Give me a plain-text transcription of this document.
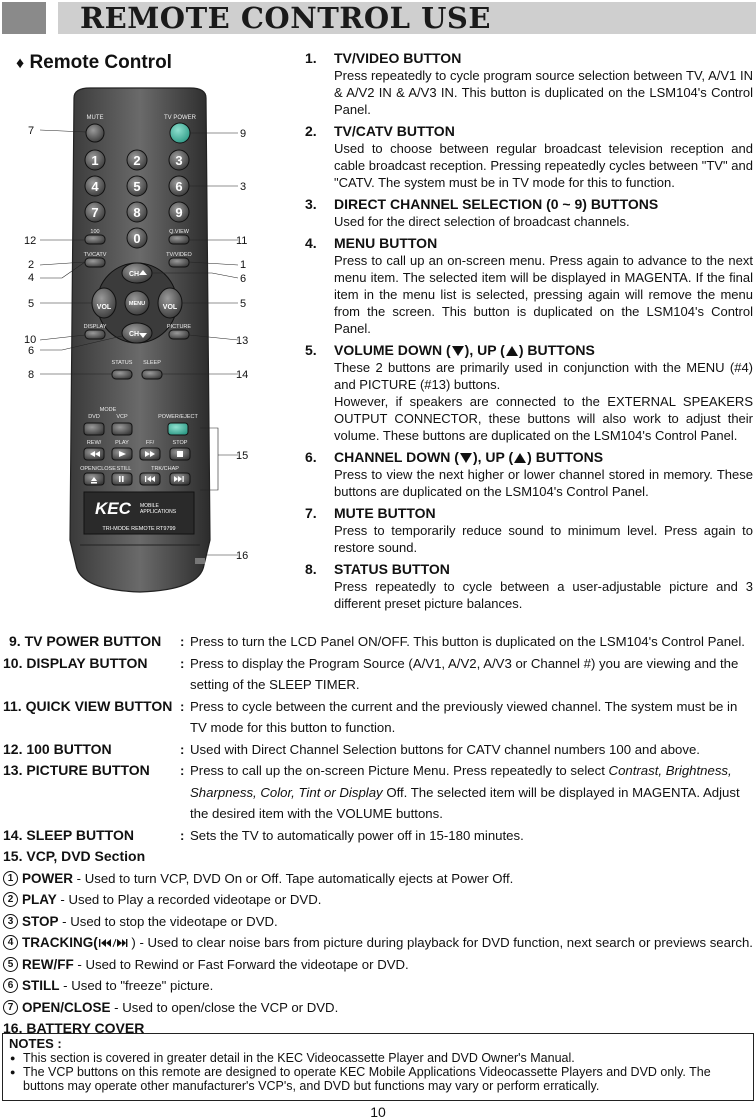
REMOTE CONTROL USE
♦ Remote Control
MUTE	TV POWER
1	2	3
4	5	6
7	8	9
0
100	Q.VIEW
TV/CATV	TV/VIDEO
CH
CH
VOL	VOL
MENU
DISPLAY	PICTURE
STATUS SLEEP
MODE
DVD	VCP	POWER/EJECT
REW/	PLAY	FF/	STOP
OPEN/CLOSE STILL	TRK/CHAP
KEC MOBILE
APPLICATIONS
TRI-MODE REMOTE RT9799
7
12
2
4
5
10
6
8
9
3
11
1
6
5
13
14
15
16
1. TV/VIDEO BUTTON
Press repeatedly to cycle program source selection between TV, A/V1 IN & A/V2 IN & A/V3 IN. This button is duplicated on the LSM104's Control Panel.
2. TV/CATV BUTTON
Used to choose between regular broadcast television reception and cable broadcast reception. Pressing repeatedly cycles between "TV" and "CATV. The system must be in TV mode for this to function.
3. DIRECT CHANNEL SELECTION (0 ~ 9) BUTTONS
Used for the direct selection of broadcast channels.
4. MENU BUTTON
Press to call up an on-screen menu. Press again to advance to the next menu item. The selected item will be displayed in MAGENTA. If the final item in the menu list is selected, pressing again will remove the menu from the screen. This button is duplicated on the LSM104's Control Panel.
5. VOLUME DOWN ( ), UP ( ) BUTTONS
These 2 buttons are primarily used in conjunction with the MENU (#4) and PICTURE (#13) buttons.
However, if speakers are connected to the EXTERNAL SPEAKERS OUTPUT CONNECTOR, these buttons will also work to adjust their volume. These buttons are duplicated on the LSM104's Control Panel.
6. CHANNEL DOWN ( ), UP ( ) BUTTONS
Press to view the next higher or lower channel stored in memory. These buttons are duplicated on the LSM104's Control Panel.
7. MUTE BUTTON
Press to temporarily reduce sound to minimum level. Press again to restore sound.
8. STATUS BUTTON
Press repeatedly to cycle between a user-adjustable picture and 3 different preset picture balances.
9. TV POWER BUTTON : Press to turn the LCD Panel ON/OFF. This button is duplicated on the LSM104's Control Panel.
10. DISPLAY BUTTON : Press to display the Program Source (A/V1, A/V2, A/V3 or Channel #) you are viewing and the
setting of the SLEEP TIMER.
11. QUICK VIEW BUTTON : Press to cycle between the current and the previously viewed channel. The system must be in
TV mode for this button to function.
12. 100 BUTTON	: Used with Direct Channel Selection buttons for CATV channel numbers 100 and above.
13. PICTURE BUTTON : Press to call up the on-screen Picture Menu. Press repeatedly to select Contrast, Brightness,
Sharpness, Color, Tint or Display Off. The selected item will be displayed in MAGENTA. Adjust
the desired item with the VOLUME buttons.
14. SLEEP BUTTON	: Sets the TV to automatically power off in 15-180 minutes.
15. VCP, DVD Section
1 POWER - Used to turn VCP, DVD On or Off. Tape automatically ejects at Power Off.
2 PLAY - Used to Play a recorded videotape or DVD.
3 STOP - Used to stop the videotape or DVD.
4 TRACKING( ) - Used to clear noise bars from picture during playback for DVD function, next search or previews search.
5 REW/FF - Used to Rewind or Fast Forward the videotape or DVD.
6 STILL - Used to "freeze" picture.
7 OPEN/CLOSE - Used to open/close the VCP or DVD.
16. BATTERY COVER
NOTES :
● This section is covered in greater detail in the KEC Videocassette Player and DVD Owner's Manual.
● The VCP buttons on this remote are designed to operate KEC Mobile Applications Videocassette Players and DVD only. The buttons may operate other manufacturer's VCP's, and DVD but functions may vary or perform erratically.
10
